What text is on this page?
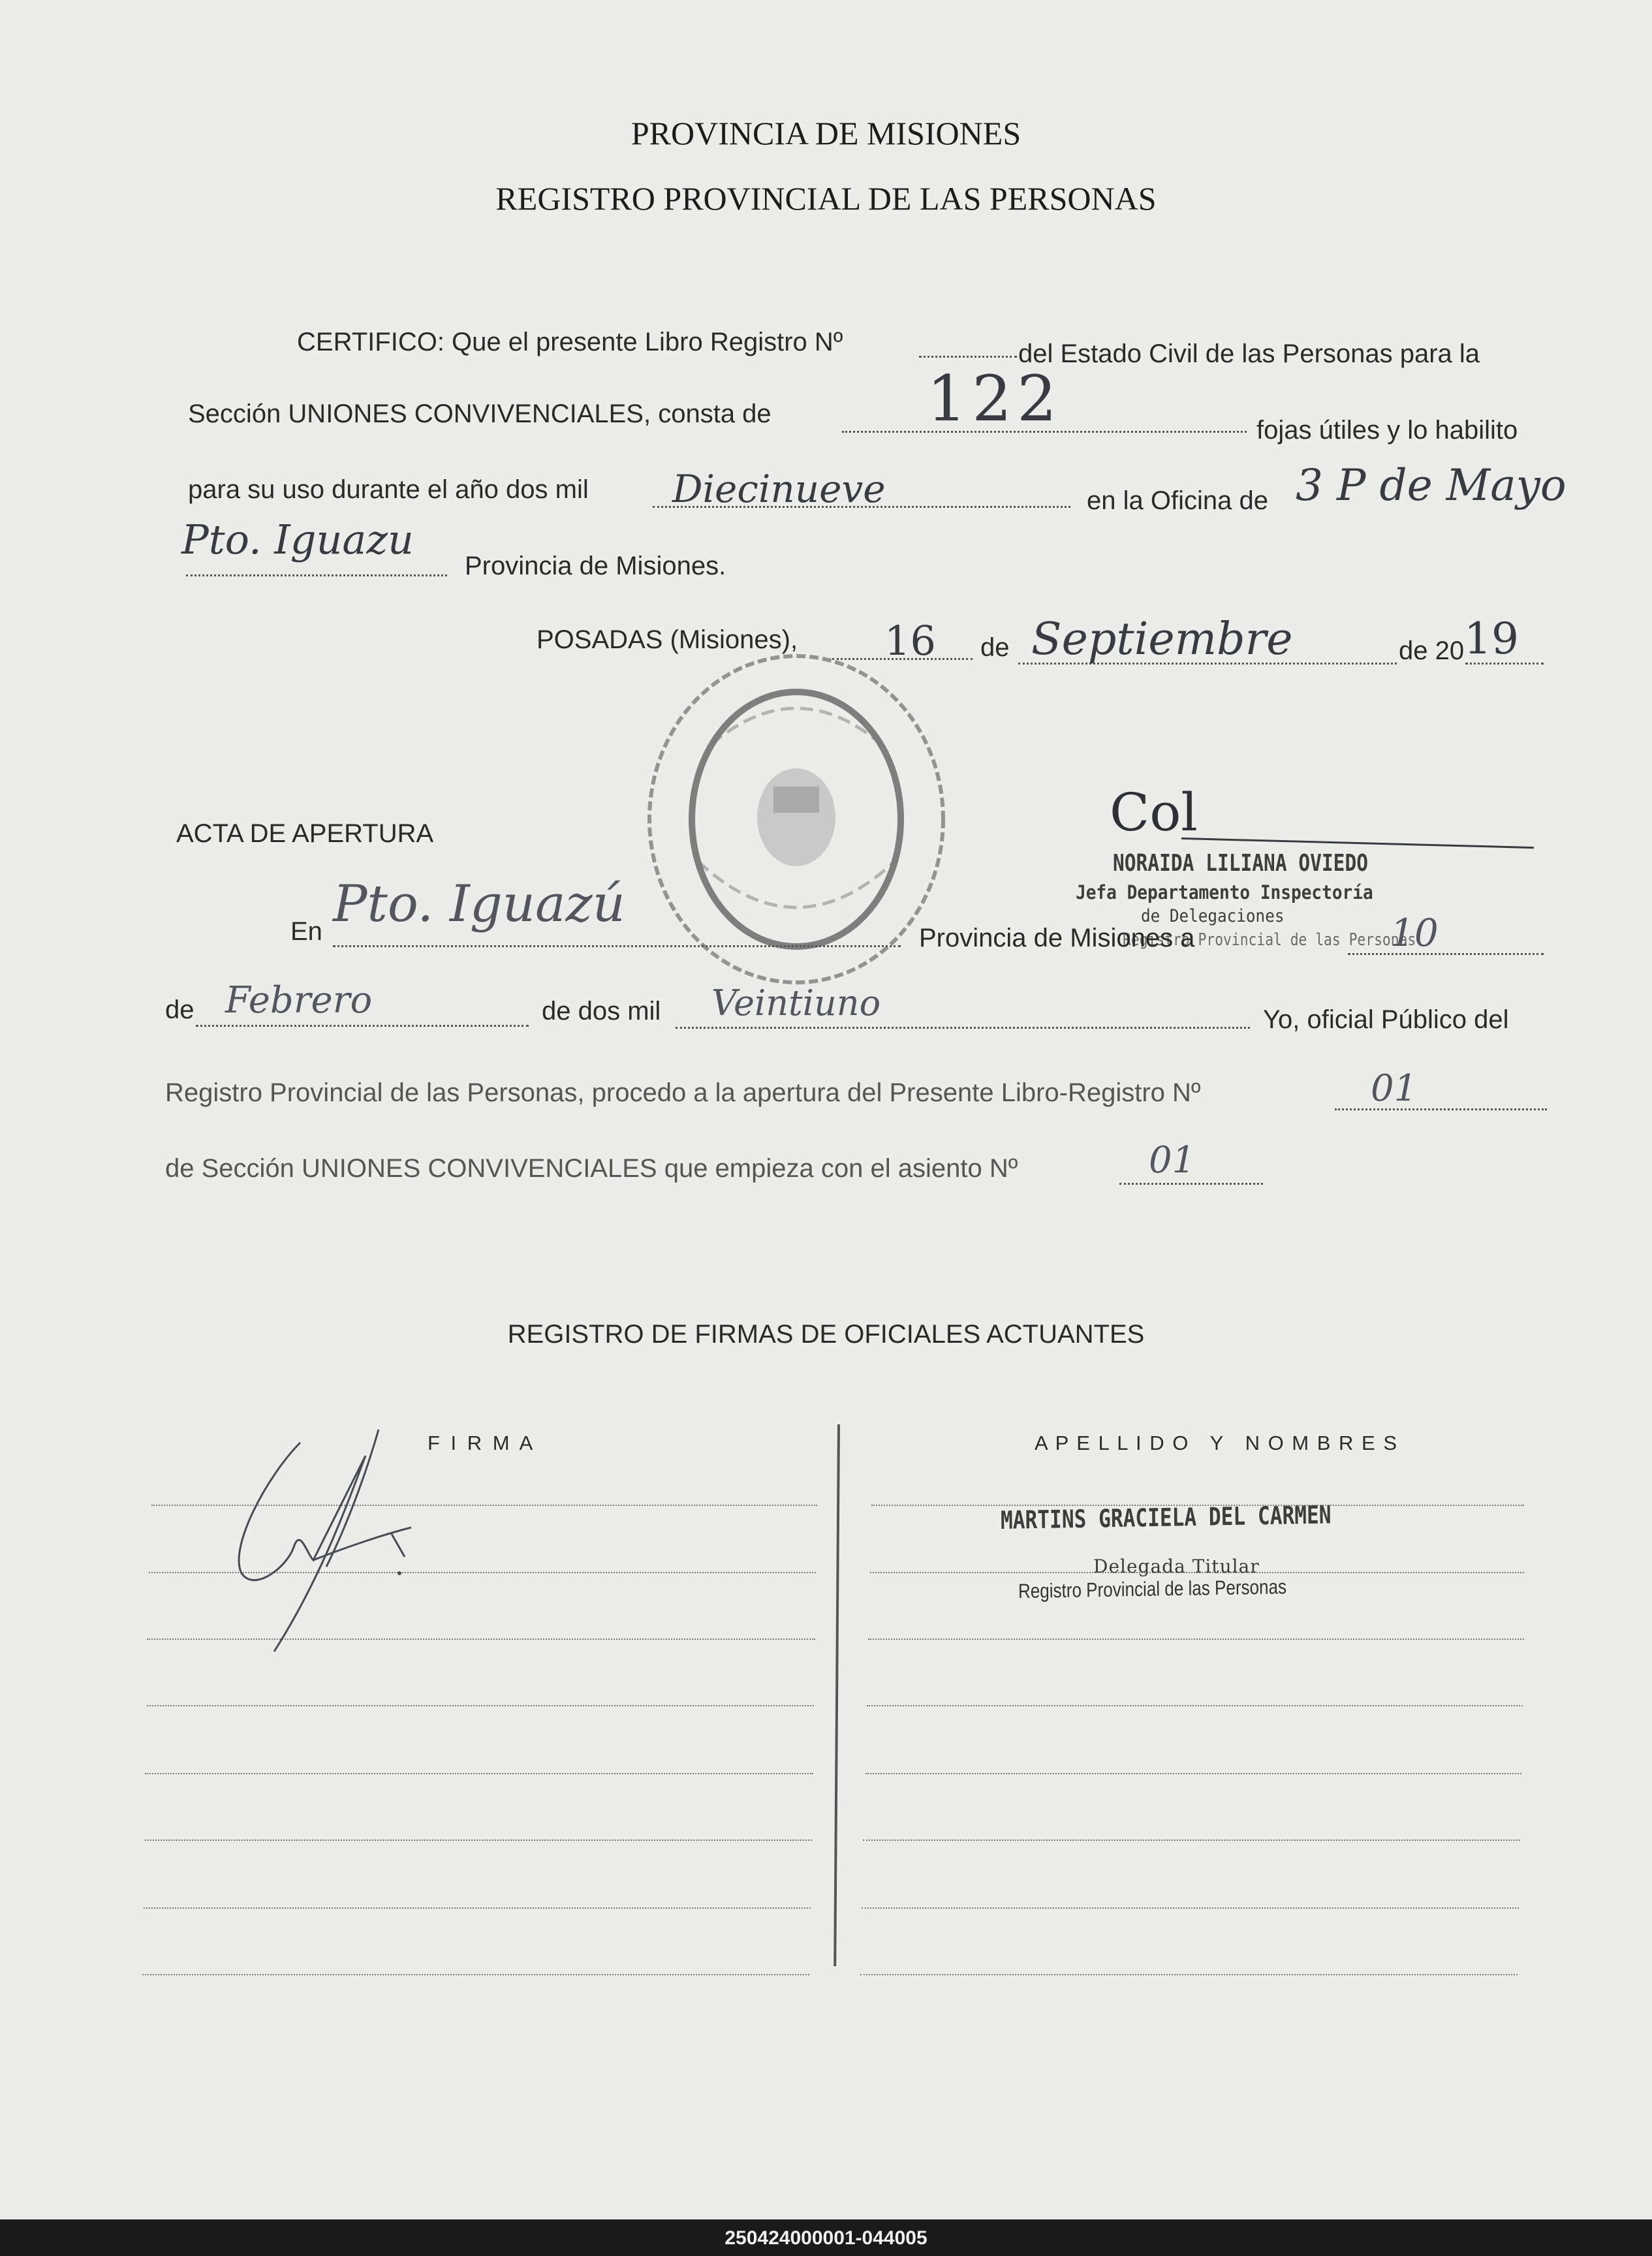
PROVINCIA DE MISIONES
REGISTRO PROVINCIAL DE LAS PERSONAS
CERTIFICO: Que el presente Libro Registro Nº	del Estado Civil de las Personas para la
Sección UNIONES CONVIVENCIALES, consta de 122	fojas útiles y lo habilito
para su uso durante el año dos mil Diecinueve	en la Oficina de 3 P de Mayo
Pto. Iguazu
Provincia de Misiones.
POSADAS (Misiones), 16 de Septiembre	de 20 19
Col
NORAIDA LILIANA OVIEDO
Jefa Departamento Inspectoría
de Delegaciones
Registro Provincial de las Personas
ACTA DE APERTURA
En Pto. Iguazú
Provincia de Misiones a	10
de Febrero	de dos mil Veintiuno	Yo, oficial Público del
Registro Provincial de las Personas, procedo a la apertura del Presente Libro-Registro Nº	01
de Sección UNIONES CONVIVENCIALES que empieza con el asiento Nº	01
REGISTRO DE FIRMAS DE OFICIALES ACTUANTES
F I R M A	A P E L L I D O   Y   N O M B R E S
MARTINS GRACIELA DEL CARMEN
Delegada Titular
Registro Provincial de las Personas
250424000001-044005
